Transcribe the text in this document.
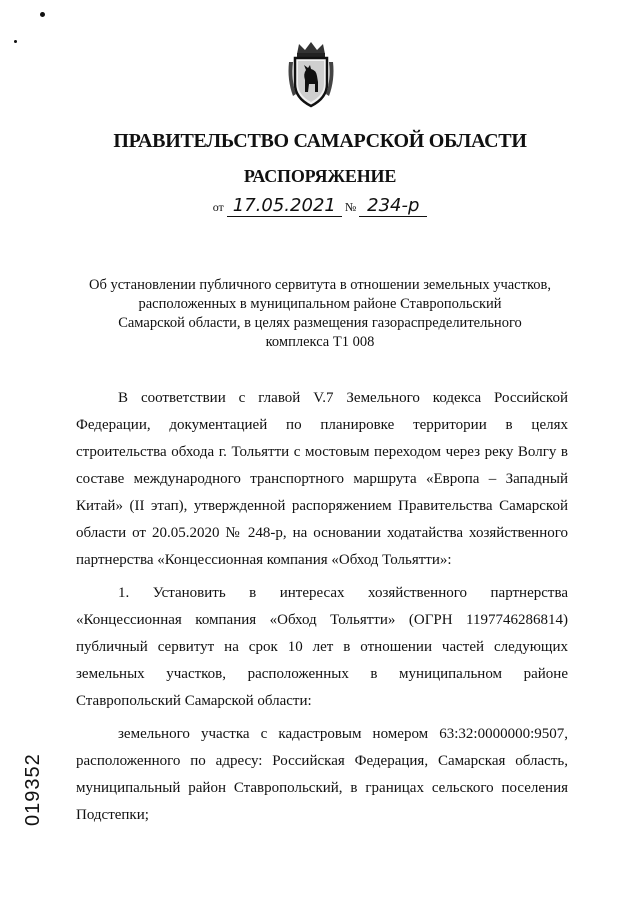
ПРАВИТЕЛЬСТВО САМАРСКОЙ ОБЛАСТИ
РАСПОРЯЖЕНИЕ
от 17.05.2021 № 234-р
Об установлении публичного сервитута в отношении земельных участков,
расположенных в муниципальном районе Ставропольский
Самарской области, в целях размещения газораспределительного
комплекса Т1 008

В соответствии с главой V.7 Земельного кодекса Российской Федерации, документацией по планировке территории в целях строительства обхода г. Тольятти с мостовым переходом через реку Волгу в составе международного транспортного маршрута «Европа – Западный Китай» (II этап), утвержденной распоряжением Правительства Самарской области от 20.05.2020 № 248-р, на основании ходатайства хозяйственного партнерства «Концессионная компания «Обход Тольятти»:

1. Установить в интересах хозяйственного партнерства «Концессионная компания «Обход Тольятти» (ОГРН 1197746286814) публичный сервитут на срок 10 лет в отношении частей следующих земельных участков, расположенных в муниципальном районе Ставропольский Самарской области:

земельного участка с кадастровым номером 63:32:0000000:9507, расположенного по адресу: Российская Федерация, Самарская область, муниципальный район Ставропольский, в границах сельского поселения Подстепки;

019352
